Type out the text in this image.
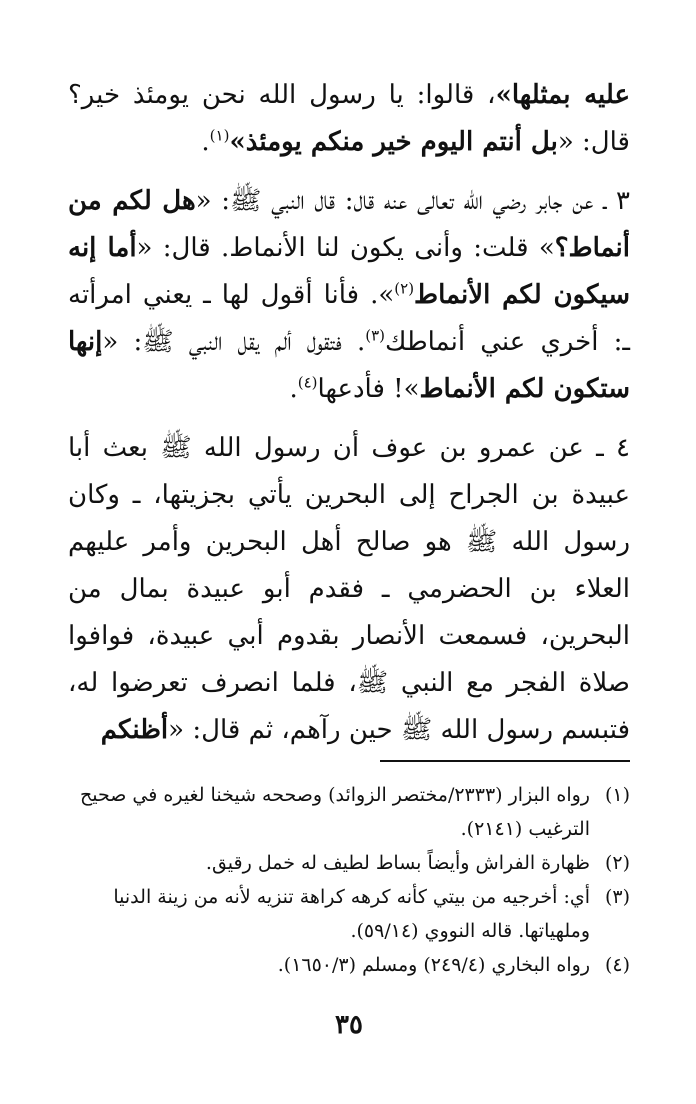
عليه بمثلها»، قالوا: يا رسول الله نحن يومئذ خير؟ قال: «بل أنتم اليوم خير منكم يومئذ»$^{(١)}$.

٣ ـ عن جابر رضي الله تعالى عنه قال: قال النبي ﷺ: «هل لكم من أنماط؟» قلت: وأنى يكون لنا الأنماط. قال: «أما إنه سيكون لكم الأنماط$^{(٢)}$». فأنا أقول لها ـ يعني امرأته ـ: أخري عني أنماطك$^{(٣)}$. فتقول ألم يقل النبي ﷺ: «إنها ستكون لكم الأنماط»! فأدعها$^{(٤)}$.

٤ ـ عن عمرو بن عوف أن رسول الله ﷺ بعث أبا عبيدة بن الجراح إلى البحرين يأتي بجزيتها، ـ وكان رسول الله ﷺ هو صالح أهل البحرين وأمر عليهم العلاء بن الحضرمي ـ فقدم أبو عبيدة بمال من البحرين، فسمعت الأنصار بقدوم أبي عبيدة، فوافوا صلاة الفجر مع النبي ﷺ، فلما انصرف تعرضوا له، فتبسم رسول الله ﷺ حين رآهم، ثم قال: «أظنكم

(١)
رواه البزار (٢٣٣٣/مختصر الزوائد) وصححه شيخنا لغيره في صحيح الترغيب (٢١٤١).

(٢)
ظهارة الفراش وأيضاً بساط لطيف له خمل رقيق.

(٣)
أي: أخرجيه من بيتي كأنه كرهه كراهة تنزيه لأنه من زينة الدنيا وملهياتها. قاله النووي (٥٩/١٤).

(٤)
رواه البخاري (٢٤٩/٤) ومسلم (١٦٥٠/٣).

٣٥
